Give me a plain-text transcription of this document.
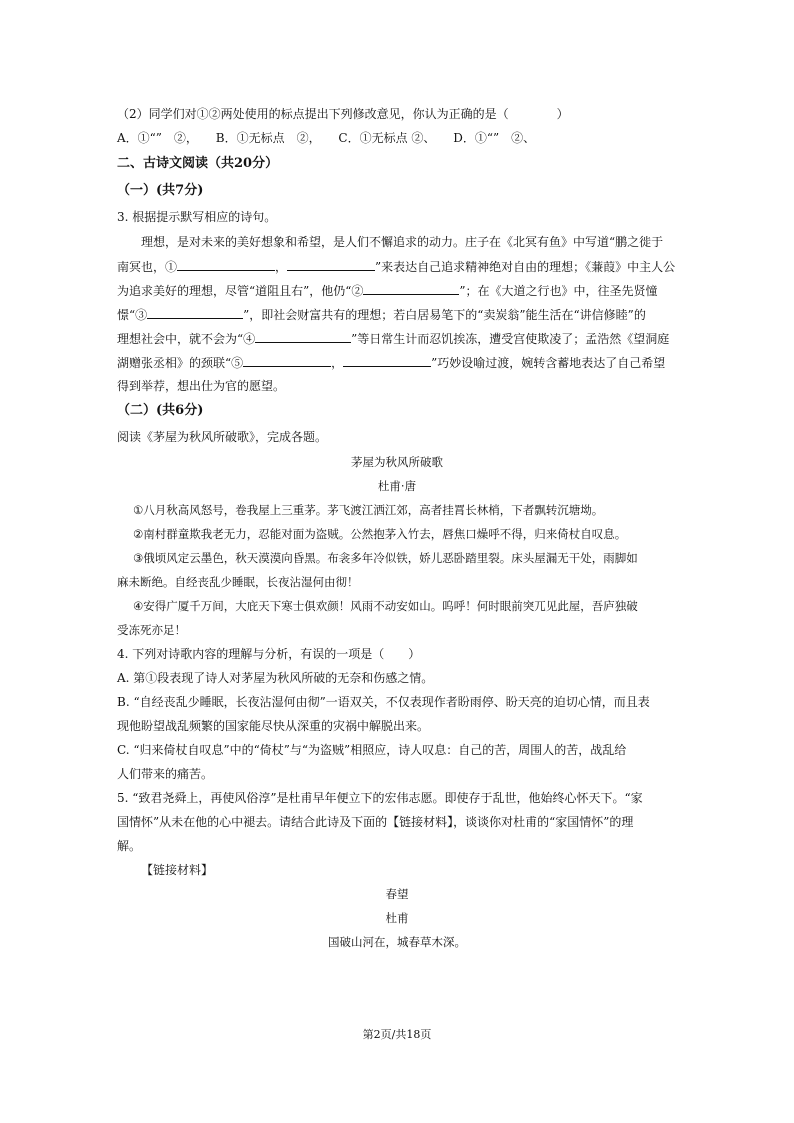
（2）同学们对①②两处使用的标点提出下列修改意见，你认为正确的是（　　　　）
A．①“”　②， B．①无标点　②， C．①无标点 ②、 D．①“”　②、
二、古诗文阅读（共20分）
（一）(共7分)
3. 根据提示默写相应的诗句。
理想，是对未来的美好想象和希望，是人们不懈追求的动力。庄子在《北冥有鱼》中写道“鹏之徙于
南冥也，①	，	”来表达自己追求精神绝对自由的理想；《蒹葭》中主人公
为追求美好的理想，尽管“道阻且右”，他仍“②	”；在《大道之行也》中，往圣先贤憧
憬“③	”，即社会财富共有的理想；若白居易笔下的“卖炭翁”能生活在“讲信修睦”的
理想社会中，就不会为“④	”等日常生计而忍饥挨冻，遭受宫使欺凌了；孟浩然《望洞庭
湖赠张丞相》的颈联“⑤	，	”巧妙设喻过渡，婉转含蓄地表达了自己希望
得到举荐，想出仕为官的愿望。
（二）(共6分)
阅读《茅屋为秋风所破歌》，完成各题。
茅屋为秋风所破歌
杜甫·唐
①八月秋高风怒号，卷我屋上三重茅。茅飞渡江洒江郊，高者挂罥长林梢，下者飘转沉塘坳。
②南村群童欺我老无力，忍能对面为盗贼。公然抱茅入竹去，唇焦口燥呼不得，归来倚杖自叹息。
③俄顷风定云墨色，秋天漠漠向昏黑。布衾多年冷似铁，娇儿恶卧踏里裂。床头屋漏无干处，雨脚如
麻未断绝。自经丧乱少睡眠，长夜沾湿何由彻！
④安得广厦千万间，大庇天下寒士俱欢颜！风雨不动安如山。呜呼！何时眼前突兀见此屋，吾庐独破
受冻死亦足！
4. 下列对诗歌内容的理解与分析，有误的一项是（　　）
A. 第①段表现了诗人对茅屋为秋风所破的无奈和伤感之情。
B. “自经丧乱少睡眠，长夜沾湿何由彻”一语双关，不仅表现作者盼雨停、盼天亮的迫切心情，而且表
现他盼望战乱频繁的国家能尽快从深重的灾祸中解脱出来。
C. “归来倚杖自叹息”中的“倚杖”与“为盗贼”相照应，诗人叹息：自己的苦，周围人的苦，战乱给
人们带来的痛苦。
5. “致君尧舜上，再使风俗淳”是杜甫早年便立下的宏伟志愿。即使存于乱世，他始终心怀天下。“家
国情怀”从未在他的心中褪去。请结合此诗及下面的【链接材料】，谈谈你对杜甫的“家国情怀”的理
解。
【链接材料】
春望
杜甫
国破山河在，城春草木深。
第2页/共18页
